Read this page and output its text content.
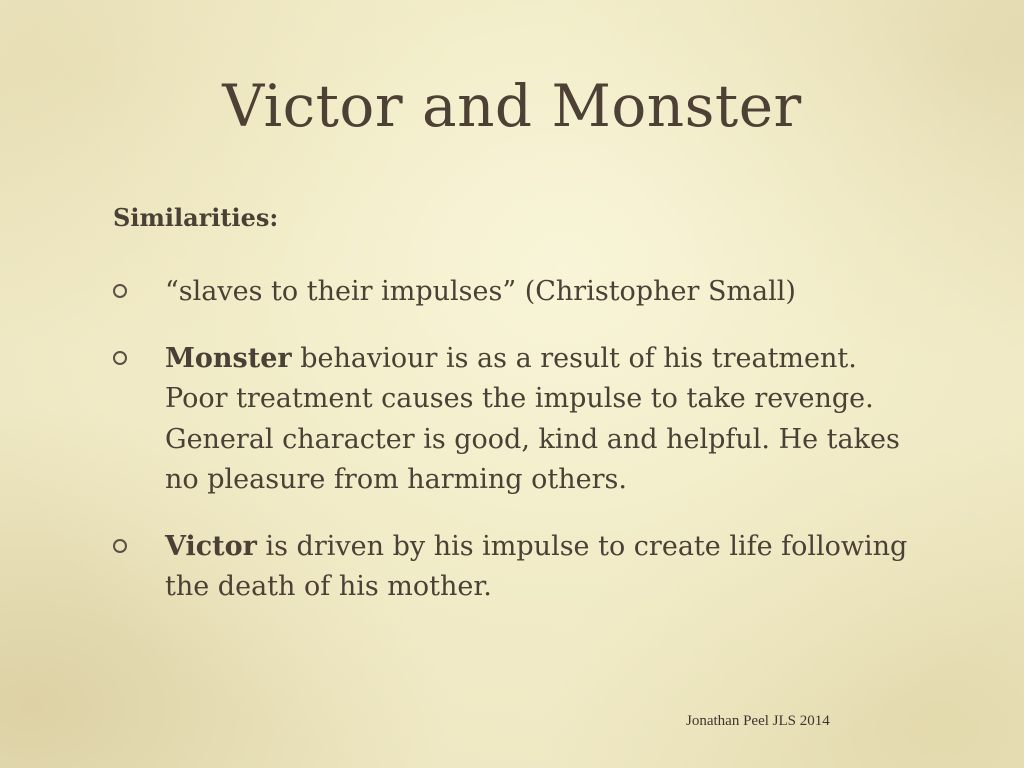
Victor and Monster
Similarities:
“slaves to their impulses” (Christopher Small)
Monster behaviour is as a result of his treatment. Poor treatment causes the impulse to take revenge. General character is good, kind and helpful. He takes no pleasure from harming others.
Victor is driven by his impulse to create life following the death of his mother.
Jonathan Peel JLS 2014
